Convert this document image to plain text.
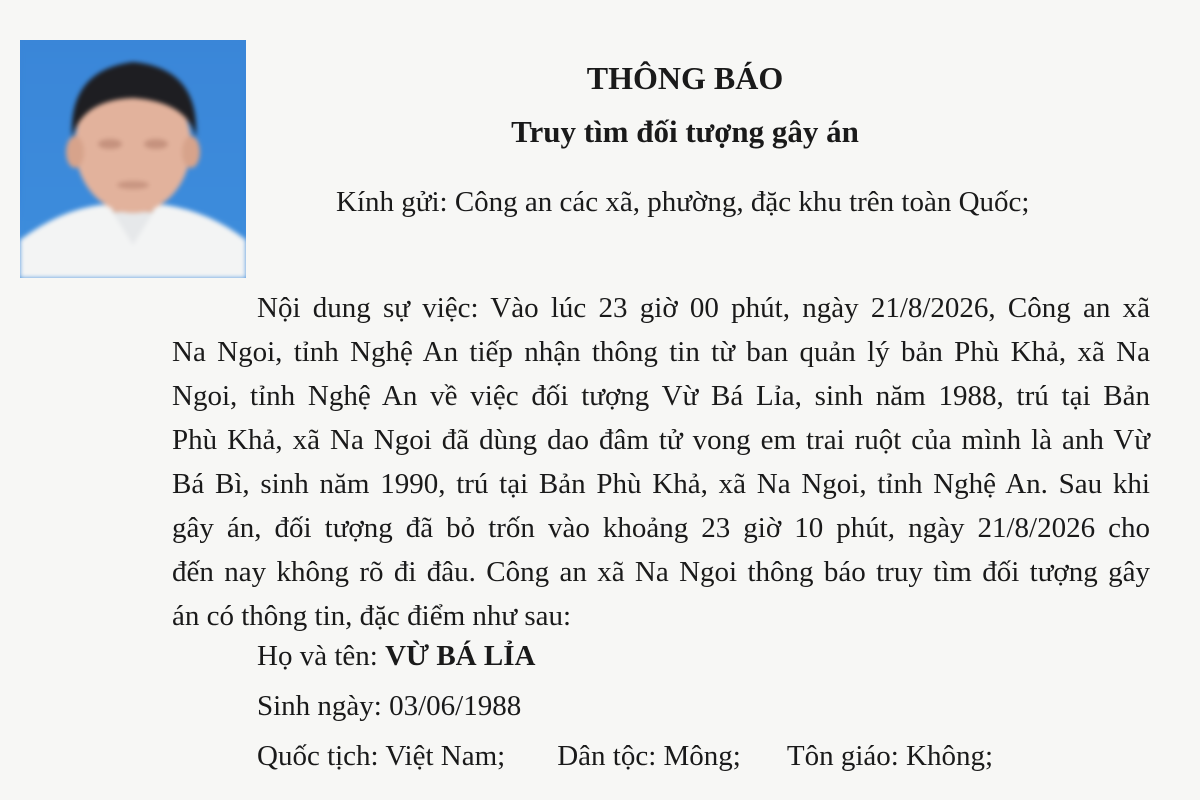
THÔNG BÁO
Truy tìm đối tượng gây án
Kính gửi: Công an các xã, phường, đặc khu trên toàn Quốc;
Nội dung sự việc: Vào lúc 23 giờ 00 phút, ngày 21/8/2026, Công an xã
Na Ngoi, tỉnh Nghệ An tiếp nhận thông tin từ ban quản lý bản Phù Khả, xã Na
Ngoi, tỉnh Nghệ An về việc đối tượng Vừ Bá Lỉa, sinh năm 1988, trú tại Bản
Phù Khả, xã Na Ngoi đã dùng dao đâm tử vong em trai ruột của mình là anh Vừ
Bá Bì, sinh năm 1990, trú tại Bản Phù Khả, xã Na Ngoi, tỉnh Nghệ An. Sau khi
gây án, đối tượng đã bỏ trốn vào khoảng 23 giờ 10 phút, ngày 21/8/2026 cho
đến nay không rõ đi đâu. Công an xã Na Ngoi thông báo truy tìm đối tượng gây
án có thông tin, đặc điểm như sau:
Họ và tên: VỪ BÁ LỈA
Sinh ngày: 03/06/1988
Quốc tịch: Việt Nam; Dân tộc: Mông; Tôn giáo: Không;
